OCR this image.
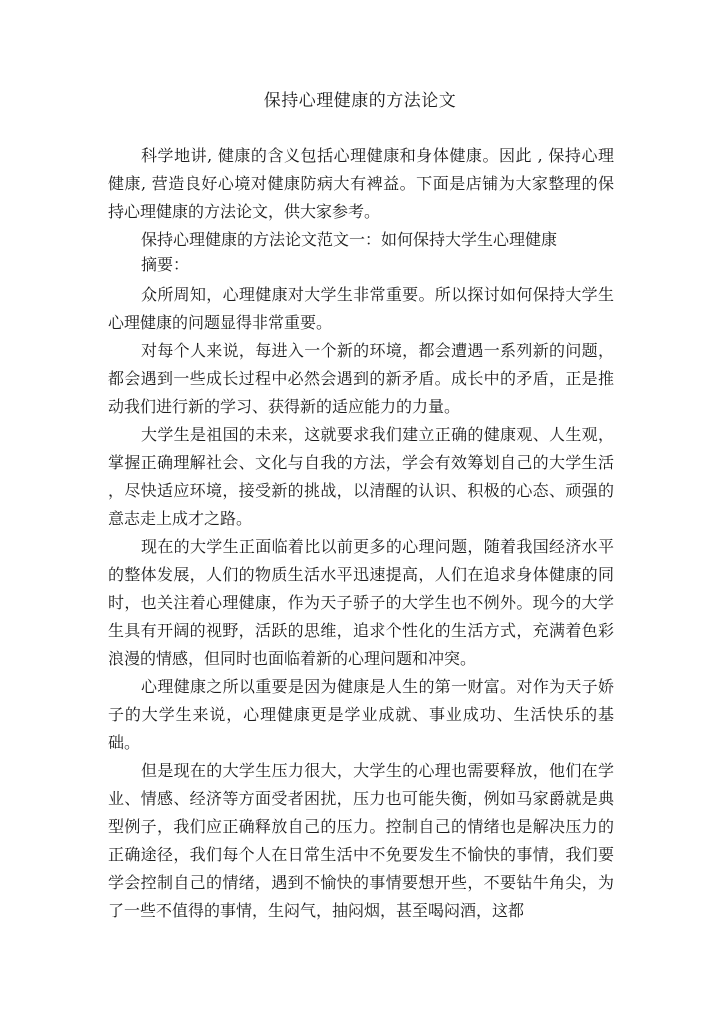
保持心理健康的方法论文
科学地讲, 健康的含义包括心理健康和身体健康。因此 , 保持心理健康, 营造良好心境对健康防病大有裨益。下面是店铺为大家整理的保持心理健康的方法论文，供大家参考。
保持心理健康的方法论文范文一：如何保持大学生心理健康
摘要：
众所周知，心理健康对大学生非常重要。所以探讨如何保持大学生心理健康的问题显得非常重要。
对每个人来说，每进入一个新的环境，都会遭遇一系列新的问题，都会遇到一些成长过程中必然会遇到的新矛盾。成长中的矛盾，正是推动我们进行新的学习、获得新的适应能力的力量。
大学生是祖国的未来，这就要求我们建立正确的健康观、人生观，掌握正确理解社会、文化与自我的方法，学会有效筹划自己的大学生活 ，尽快适应环境，接受新的挑战，以清醒的认识、积极的心态、顽强的意志走上成才之路。
现在的大学生正面临着比以前更多的心理问题，随着我国经济水平的整体发展，人们的物质生活水平迅速提高，人们在追求身体健康的同时，也关注着心理健康，作为天子骄子的大学生也不例外。现今的大学生具有开阔的视野，活跃的思维，追求个性化的生活方式，充满着色彩浪漫的情感，但同时也面临着新的心理问题和冲突。
心理健康之所以重要是因为健康是人生的第一财富。对作为天子娇子的大学生来说，心理健康更是学业成就、事业成功、生活快乐的基础。
但是现在的大学生压力很大，大学生的心理也需要释放，他们在学业、情感、经济等方面受者困扰，压力也可能失衡，例如马家爵就是典型例子，我们应正确释放自己的压力。控制自己的情绪也是解决压力的正确途径，我们每个人在日常生活中不免要发生不愉快的事情，我们要学会控制自己的情绪，遇到不愉快的事情要想开些，不要钻牛角尖，为了一些不值得的事情，生闷气，抽闷烟，甚至喝闷酒，这都
